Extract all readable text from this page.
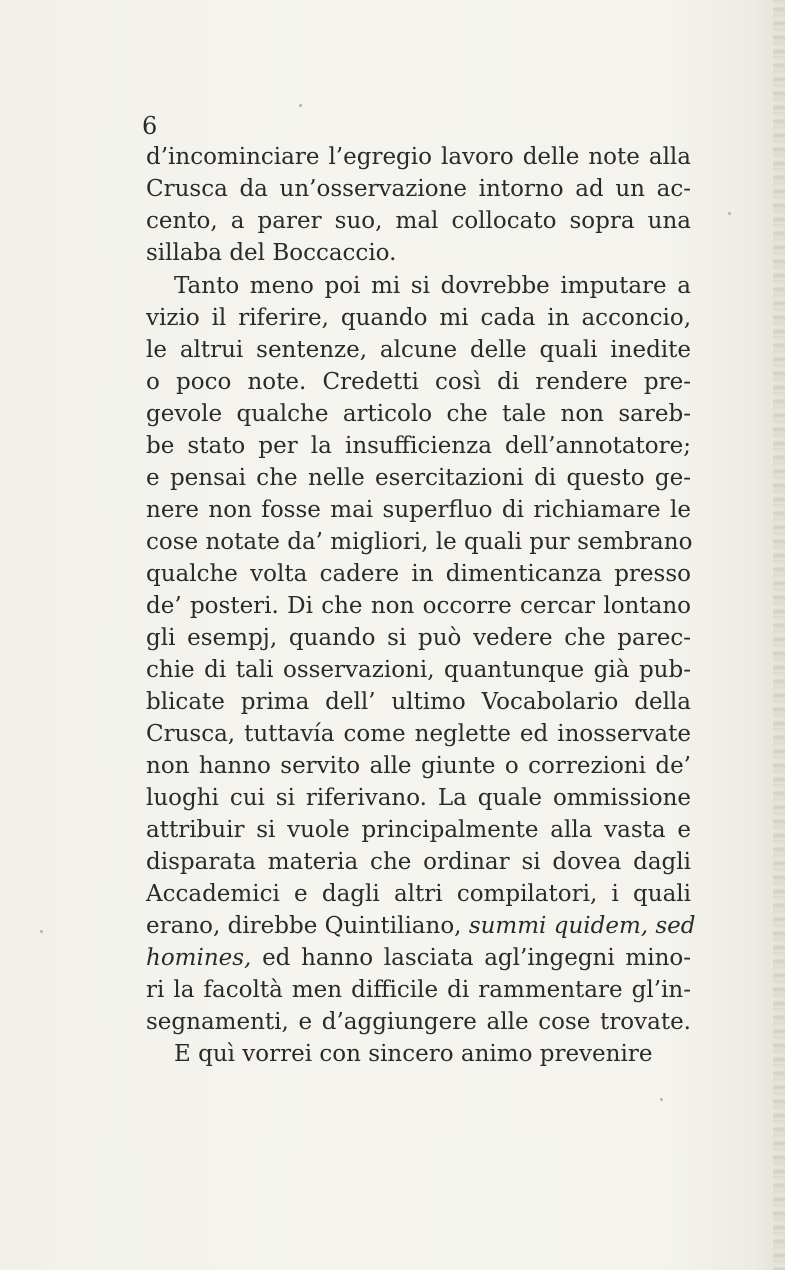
6
d’incominciare l’egregio lavoro delle note alla
Crusca da un’osservazione intorno ad un ac-
cento, a parer suo, mal collocato sopra una
sillaba del Boccaccio.
Tanto meno poi mi si dovrebbe imputare a
vizio il riferire, quando mi cada in acconcio,
le altrui sentenze, alcune delle quali inedite
o poco note. Credetti così di rendere pre-
gevole qualche articolo che tale non sareb-
be stato per la insufficienza dell’annotatore;
e pensai che nelle esercitazioni di questo ge-
nere non fosse mai superfluo di richiamare le
cose notate da’ migliori, le quali pur sembrano
qualche volta cadere in dimenticanza presso
de’ posteri. Di che non occorre cercar lontano
gli esempj, quando si può vedere che parec-
chie di tali osservazioni, quantunque già pub-
blicate prima dell’ ultimo Vocabolario della
Crusca, tuttavía come neglette ed inosservate
non hanno servito alle giunte o correzioni de’
luoghi cui si riferivano. La quale ommissione
attribuir si vuole principalmente alla vasta e
disparata materia che ordinar si dovea dagli
Accademici e dagli altri compilatori, i quali
erano, direbbe Quintiliano, summi quidem, sed
homines, ed hanno lasciata agl’ingegni mino-
ri la facoltà men difficile di rammentare gl’in-
segnamenti, e d’aggiungere alle cose trovate.
E quì vorrei con sincero animo prevenire
